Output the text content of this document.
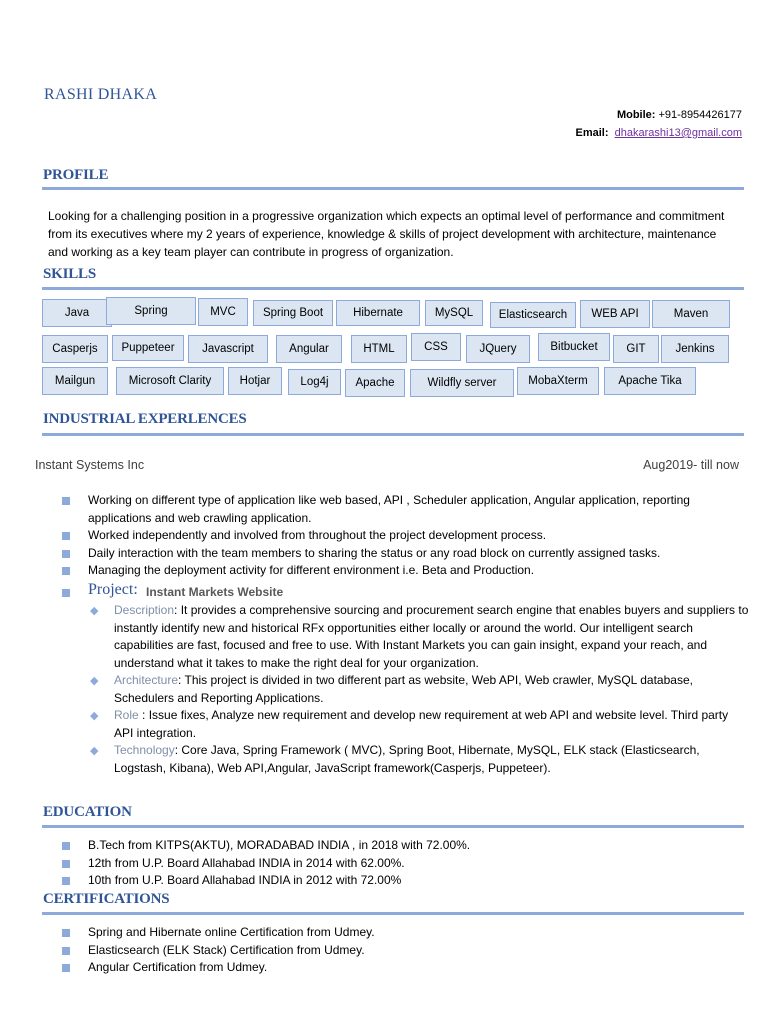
RASHI DHAKA
Mobile: +91-8954426177
Email: dhakarashi13@gmail.com
PROFILE
Looking for a challenging position in a progressive organization which expects an optimal level of performance and commitment from its executives where my 2 years of experience, knowledge & skills of project development with architecture, maintenance and working as a key team player can contribute in progress of organization.
SKILLS
Java	Spring	MVC	Spring Boot	Hibernate	MySQL	Elasticsearch	WEB API	Maven
Casperjs	Puppeteer	Javascript	Angular	HTML	CSS	JQuery	Bitbucket	GIT	Jenkins
Mailgun	Microsoft Clarity	Hotjar	Log4j	Apache	Wildfly server	MobaXterm	Apache Tika
INDUSTRIAL EXPERLENCES
Instant Systems Inc	Aug2019- till now
Working on different type of application like web based, API , Scheduler application, Angular application, reporting applications and web crawling application.
Worked independently and involved from throughout the project development process.
Daily interaction with the team members to sharing the status or any road block on currently assigned tasks.
Managing the deployment activity for different environment i.e. Beta and Production.
Project: Instant Markets Website
◆ Description: It provides a comprehensive sourcing and procurement search engine that enables buyers and suppliers to instantly identify new and historical RFx opportunities either locally or around the world. Our intelligent search capabilities are fast, focused and free to use. With Instant Markets you can gain insight, expand your reach, and understand what it takes to make the right deal for your organization.
◆ Architecture: This project is divided in two different part as website, Web API, Web crawler, MySQL database, Schedulers and Reporting Applications.
◆ Role : Issue fixes, Analyze new requirement and develop new requirement at web API and website level. Third party API integration.
◆ Technology: Core Java, Spring Framework ( MVC), Spring Boot, Hibernate, MySQL, ELK stack (Elasticsearch, Logstash, Kibana), Web API,Angular, JavaScript framework(Casperjs, Puppeteer).
EDUCATION
B.Tech from KITPS(AKTU), MORADABAD INDIA , in 2018 with 72.00%.
12th from U.P. Board Allahabad INDIA in 2014 with 62.00%.
10th from U.P. Board Allahabad INDIA in 2012 with 72.00%
CERTIFICATIONS
Spring and Hibernate online Certification from Udmey.
Elasticsearch (ELK Stack) Certification from Udmey.
Angular Certification from Udmey.
